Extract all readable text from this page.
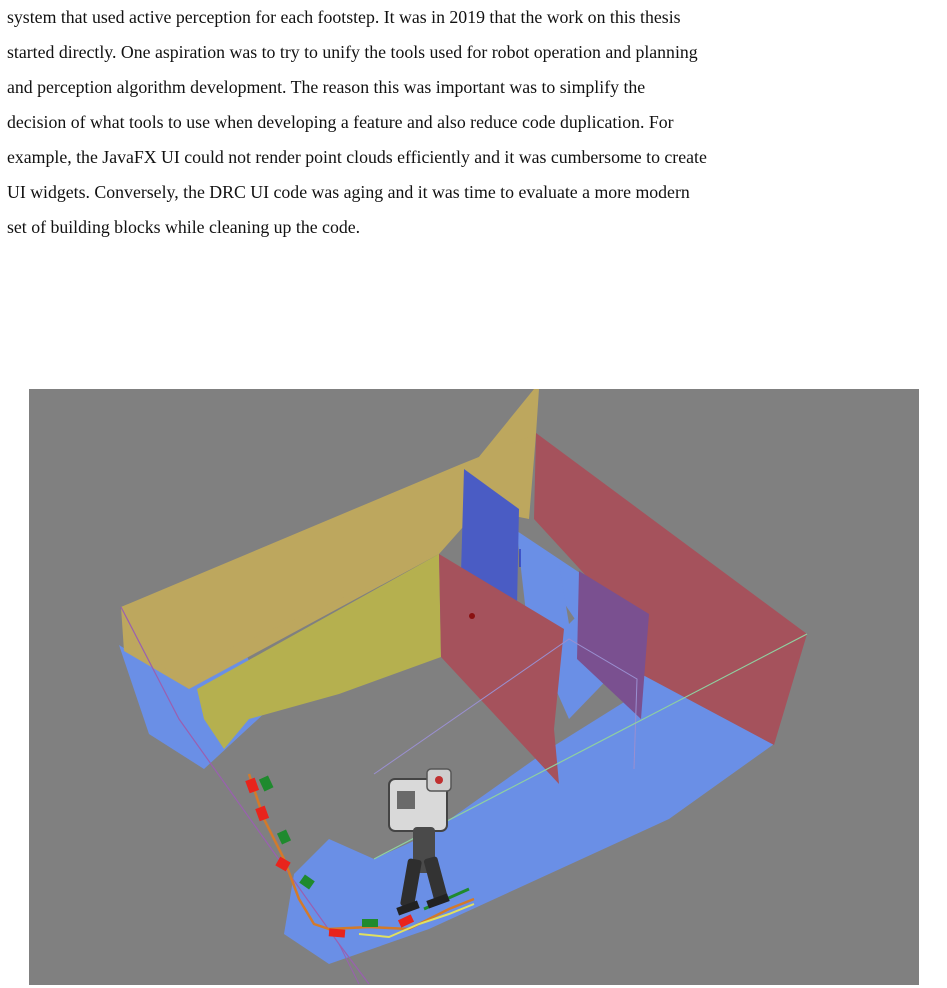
system that used active perception for each footstep. It was in 2019 that the work on this thesis
started directly. One aspiration was to try to unify the tools used for robot operation and planning
and perception algorithm development. The reason this was important was to simplify the
decision of what tools to use when developing a feature and also reduce code duplication. For
example, the JavaFX UI could not render point clouds efficiently and it was cumbersome to create
UI widgets. Conversely, the DRC UI code was aging and it was time to evaluate a more modern
set of building blocks while cleaning up the code.
